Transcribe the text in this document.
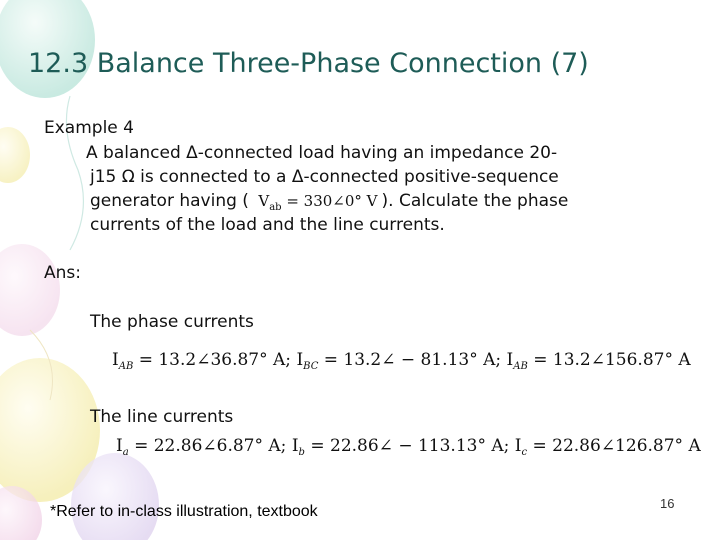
12.3 Balance Three-Phase Connection (7)
Example 4
A balanced Δ-connected load having an impedance 20-
j15 Ω is connected to a Δ-connected positive-sequence
generator having ( $V_{ab}$ = 330∠0° V ). Calculate the phase
currents of the load and the line currents.
Ans:
The phase currents
$I_{AB}$ = 13.2∠36.87° A; $I_{BC}$ = 13.2∠ − 81.13° A; $I_{AB}$ = 13.2∠156.87° A
The line currents
$I_a$ = 22.86∠6.87° A; $I_b$ = 22.86∠ − 113.13° A; $I_c$ = 22.86∠126.87° A
*Refer to in-class illustration, textbook	16
